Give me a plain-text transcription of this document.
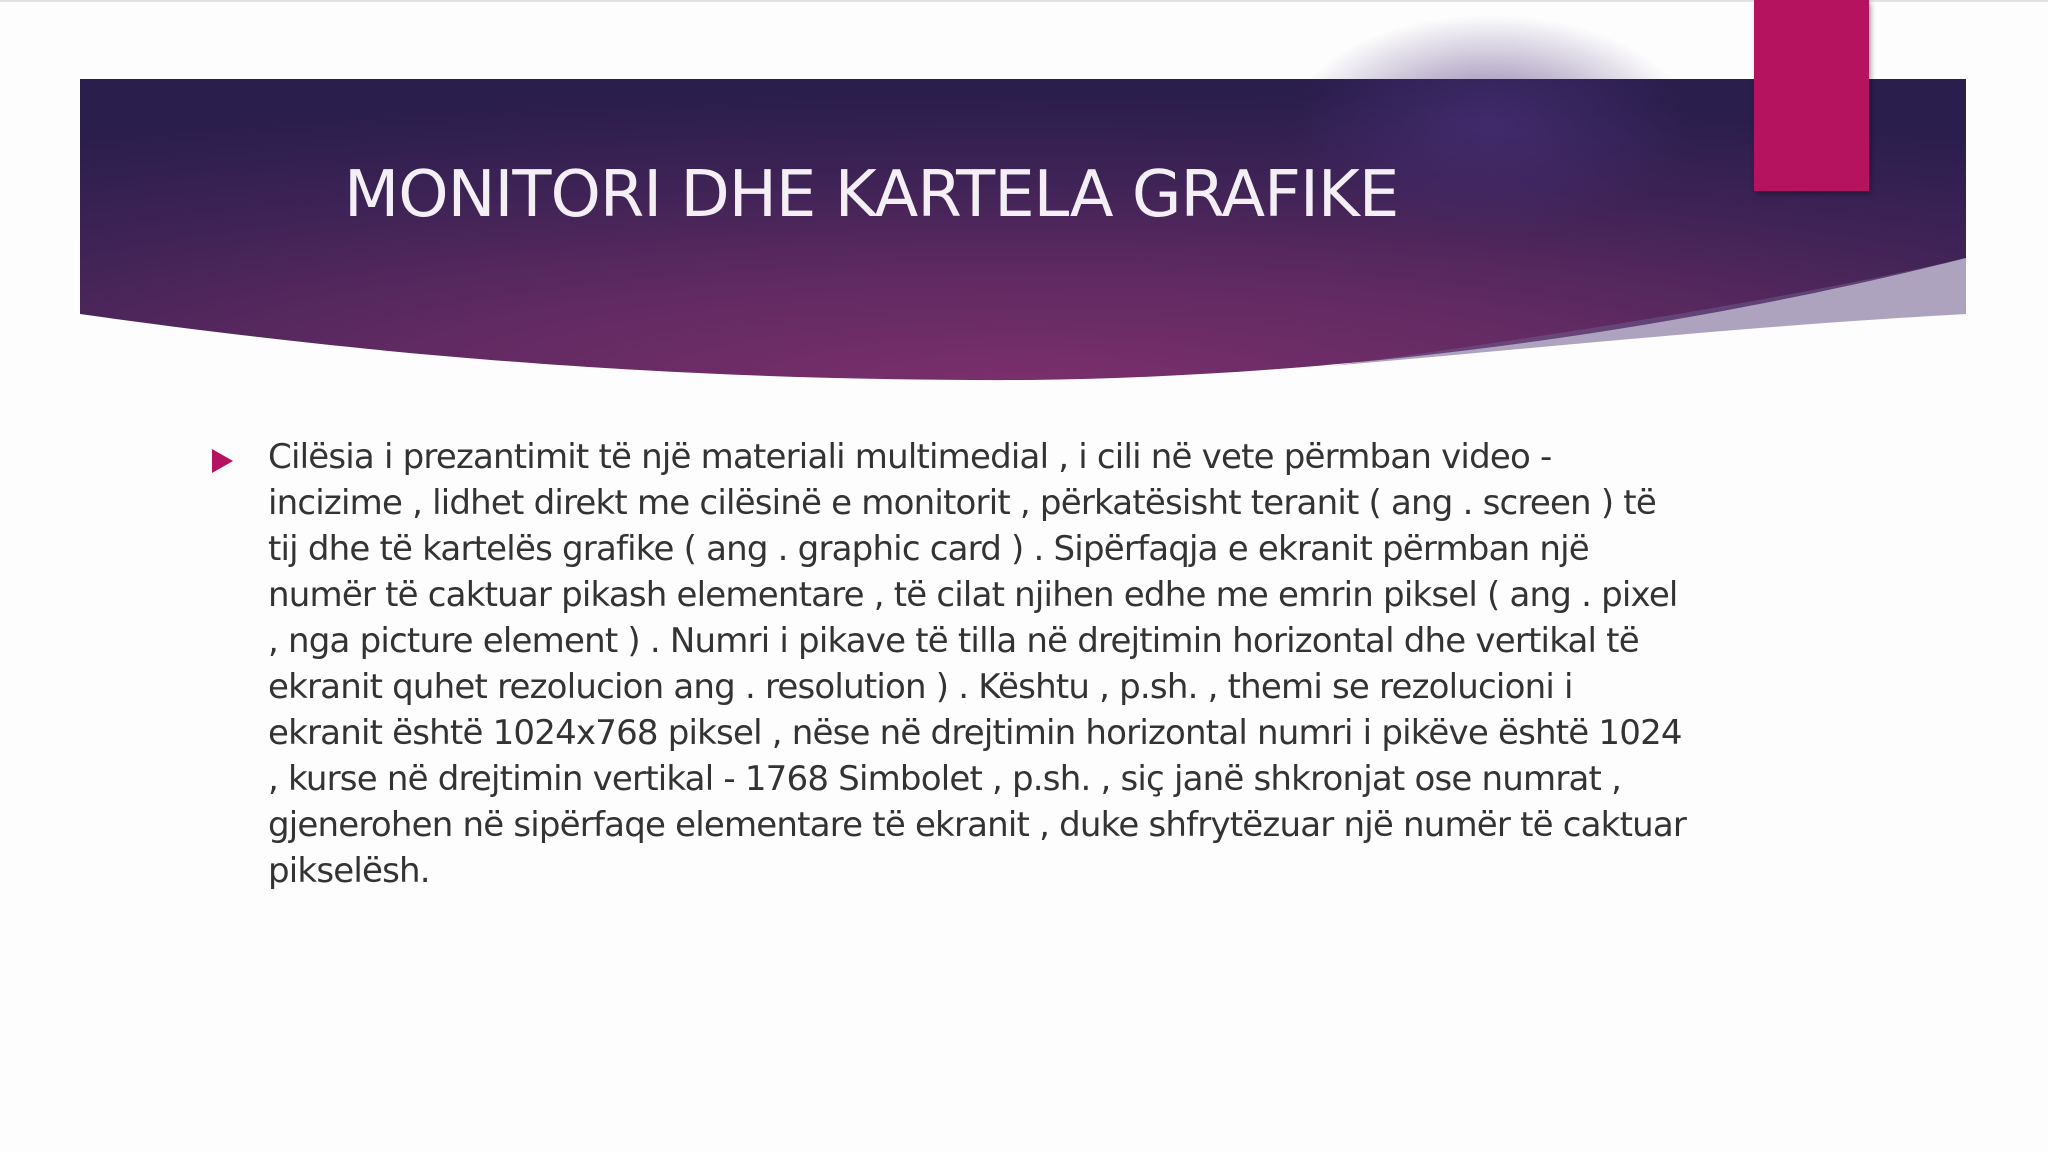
MONITORI DHE KARTELA GRAFIKE

Cilësia i prezantimit të një materiali multimedial , i cili në vete përmban video - incizime , lidhet direkt me cilësinë e monitorit , përkatësisht teranit ( ang . screen ) të tij dhe të kartelës grafike ( ang . graphic card ) . Sipërfaqja e ekranit përmban një numër të caktuar pikash elementare , të cilat njihen edhe me emrin piksel ( ang . pixel , nga picture element ) . Numri i pikave të tilla në drejtimin horizontal dhe vertikal të ekranit quhet rezolucion ang . resolution ) . Kështu , p.sh. , themi se rezolucioni i ekranit është 1024x768 piksel , nëse në drejtimin horizontal numri i pikëve është 1024 , kurse në drejtimin vertikal - 1768 Simbolet , p.sh. , siç janë shkronjat ose numrat , gjenerohen në sipërfaqe elementare të ekranit , duke shfrytëzuar një numër të caktuar pikselësh.
